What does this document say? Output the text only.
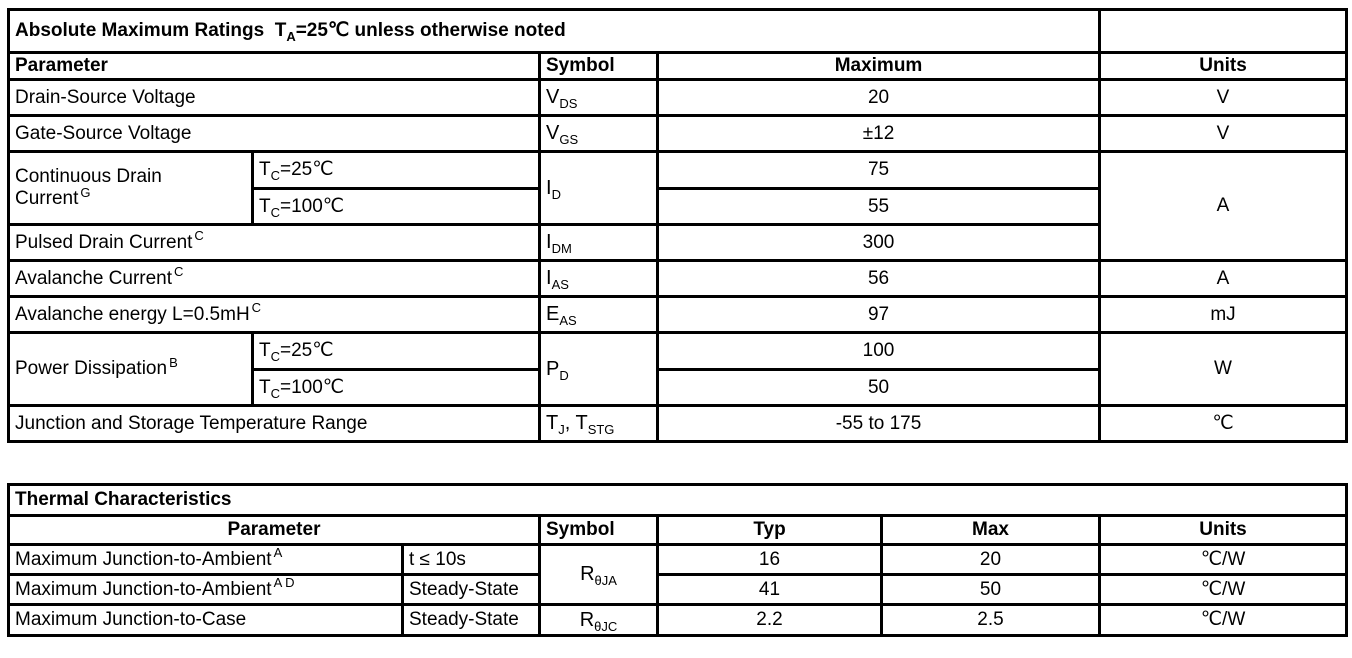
Absolute Maximum Ratings  $T_A=25℃$ unless otherwise noted				
Parameter		Symbol	Maximum	Units
Drain-Source Voltage		$V_{DS}$	20	V
Gate-Source Voltage		$V_{GS}$	±12	V
Continuous Drain
Current $^G$	$T_C=25℃$	$I_D$	75	A
	$T_C=100℃$		55	
Pulsed Drain Current $^C$		$I_{DM}$	300	
Avalanche Current $^C$		$I_{AS}$	56	A
Avalanche energy L=0.5mH $^C$		$E_{AS}$	97	mJ
Power Dissipation $^B$	$T_C=25℃$	$P_D$	100	W
	$T_C=100℃$		50	
Junction and Storage Temperature Range		$T_J$, $T_{STG}$	-55 to 175	℃
Thermal Characteristics					
Parameter		Symbol	Typ	Max	Units
Maximum Junction-to-Ambient $^A$	t ≤ 10s	$R_{\theta JA}$	16	20	℃/W
Maximum Junction-to-Ambient $^{A D}$	Steady-State		41	50	℃/W
Maximum Junction-to-Case	Steady-State	$R_{\theta JC}$	2.2	2.5	℃/W
